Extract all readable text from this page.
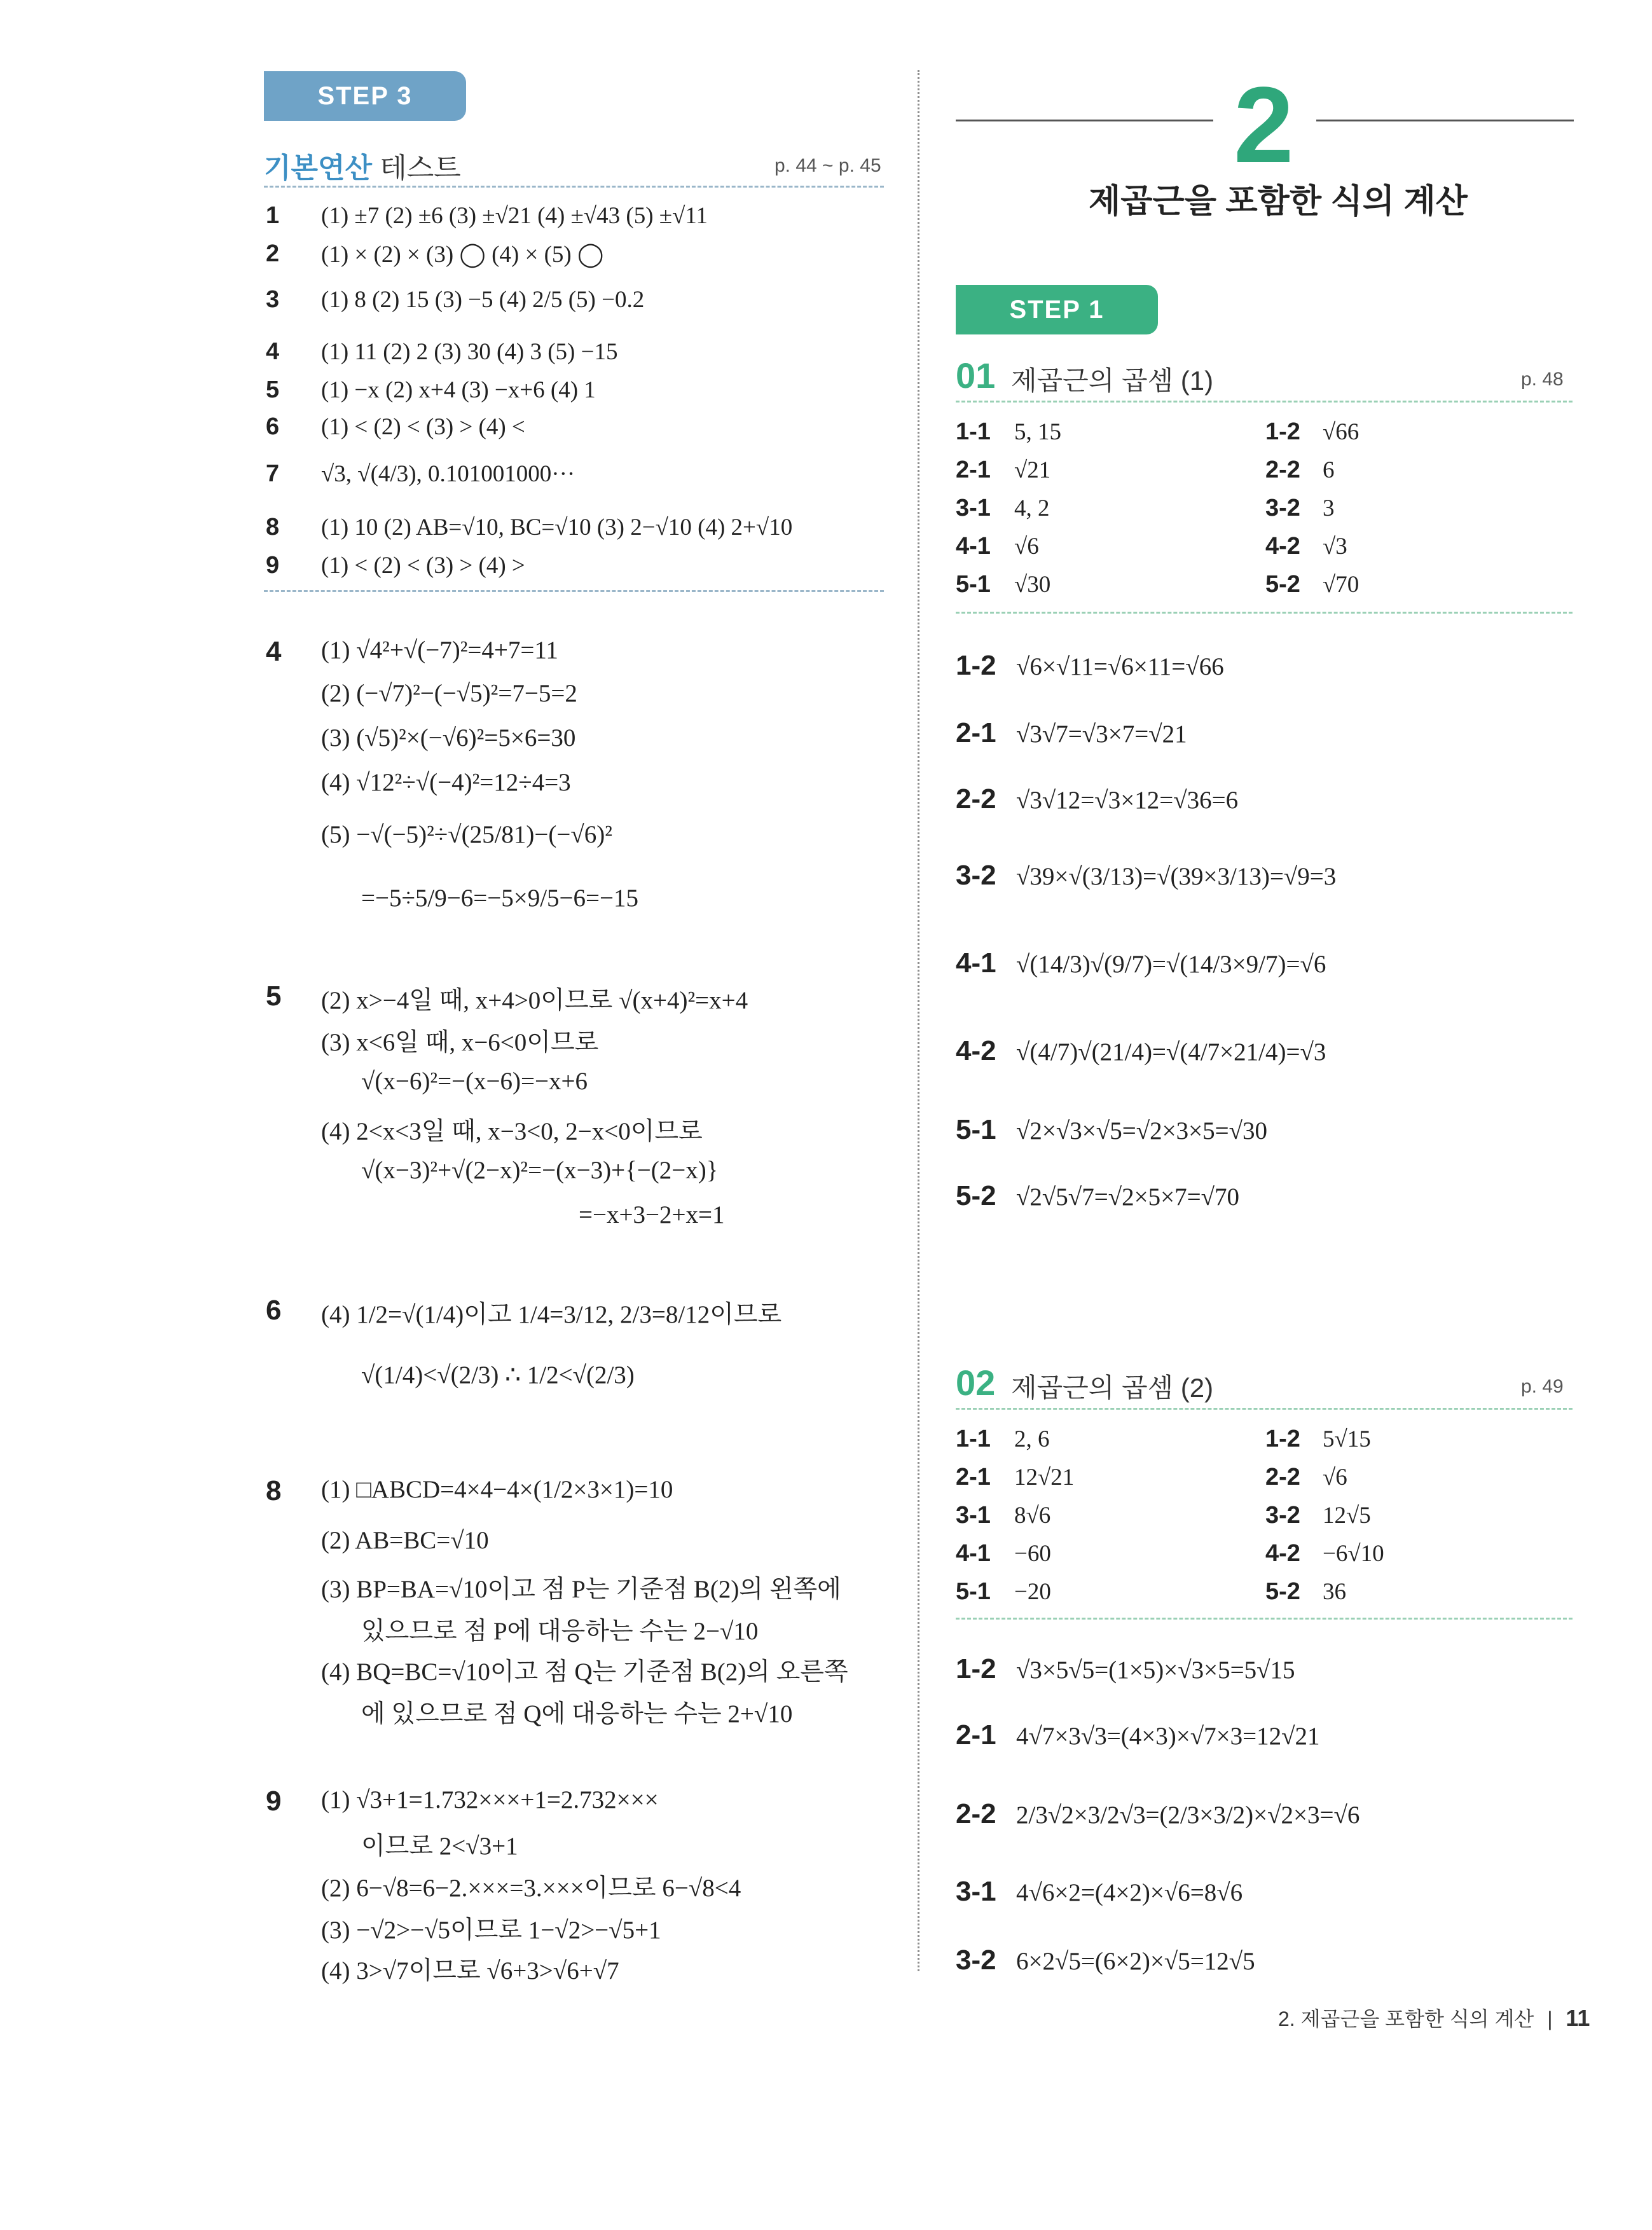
STEP 3
기본연산 테스트	p. 44 ~ p. 45
1 (1) ±7 (2) ±6 (3) ±√21 (4) ±√43 (5) ±√11
2 (1) × (2) × (3) ◯ (4) × (5) ◯
3 (1) 8 (2) 15 (3) −5 (4) 2/5 (5) −0.2
4 (1) 11 (2) 2 (3) 30 (4) 3 (5) −15
5 (1) −x (2) x+4 (3) −x+6 (4) 1
6 (1) < (2) < (3) > (4) <
7 √3, √(4/3), 0.101001000···
8 (1) 10 (2) AB=√10, BC=√10 (3) 2−√10 (4) 2+√10
9 (1) < (2) < (3) > (4) >
4 (1) √4²+√(−7)²=4+7=11
(2) (−√7)²−(−√5)²=7−5=2
(3) (√5)²×(−√6)²=5×6=30
(4) √12²÷√(−4)²=12÷4=3
(5) −√(−5)²÷√(25/81)−(−√6)²
=−5÷5/9−6=−5×9/5−6=−15
5 (2) x>−4일 때, x+4>0이므로 √(x+4)²=x+4
(3) x<6일 때, x−6<0이므로
√(x−6)²=−(x−6)=−x+6
(4) 2<x<3일 때, x−3<0, 2−x<0이므로
√(x−3)²+√(2−x)²=−(x−3)+{−(2−x)}
=−x+3−2+x=1
6 (4) 1/2=√(1/4)이고 1/4=3/12, 2/3=8/12이므로
√(1/4)<√(2/3) ∴ 1/2<√(2/3)
8 (1) □ABCD=4×4−4×(1/2×3×1)=10
(2) AB=BC=√10
(3) BP=BA=√10이고 점 P는 기준점 B(2)의 왼쪽에
있으므로 점 P에 대응하는 수는 2−√10
(4) BQ=BC=√10이고 점 Q는 기준점 B(2)의 오른쪽
에 있으므로 점 Q에 대응하는 수는 2+√10
9 (1) √3+1=1.732×××+1=2.732×××
이므로 2<√3+1
(2) 6−√8=6−2.×××=3.×××이므로 6−√8<4
(3) −√2>−√5이므로 1−√2>−√5+1
(4) 3>√7이므로 √6+3>√6+√7
2
제곱근을 포함한 식의 계산
STEP 1
01 제곱근의 곱셈 (1)	p. 48
1-1 5, 15	1-2 √66
2-1 √21	2-2 6
3-1 4, 2	3-2 3
4-1 √6	4-2 √3
5-1 √30	5-2 √70
1-2 √6×√11=√6×11=√66
2-1 √3√7=√3×7=√21
2-2 √3√12=√3×12=√36=6
3-2 √39×√(3/13)=√(39×3/13)=√9=3
4-1 √(14/3)√(9/7)=√(14/3×9/7)=√6
4-2 √(4/7)√(21/4)=√(4/7×21/4)=√3
5-1 √2×√3×√5=√2×3×5=√30
5-2 √2√5√7=√2×5×7=√70
02 제곱근의 곱셈 (2)	p. 49
1-1 2, 6	1-2 5√15
2-1 12√21	2-2 √6
3-1 8√6	3-2 12√5
4-1 −60	4-2 −6√10
5-1 −20	5-2 36
1-2 √3×5√5=(1×5)×√3×5=5√15
2-1 4√7×3√3=(4×3)×√7×3=12√21
2-2 2/3√2×3/2√3=(2/3×3/2)×√2×3=√6
3-1 4√6×2=(4×2)×√6=8√6
3-2 6×2√5=(6×2)×√5=12√5
2. 제곱근을 포함한 식의 계산 | 11
